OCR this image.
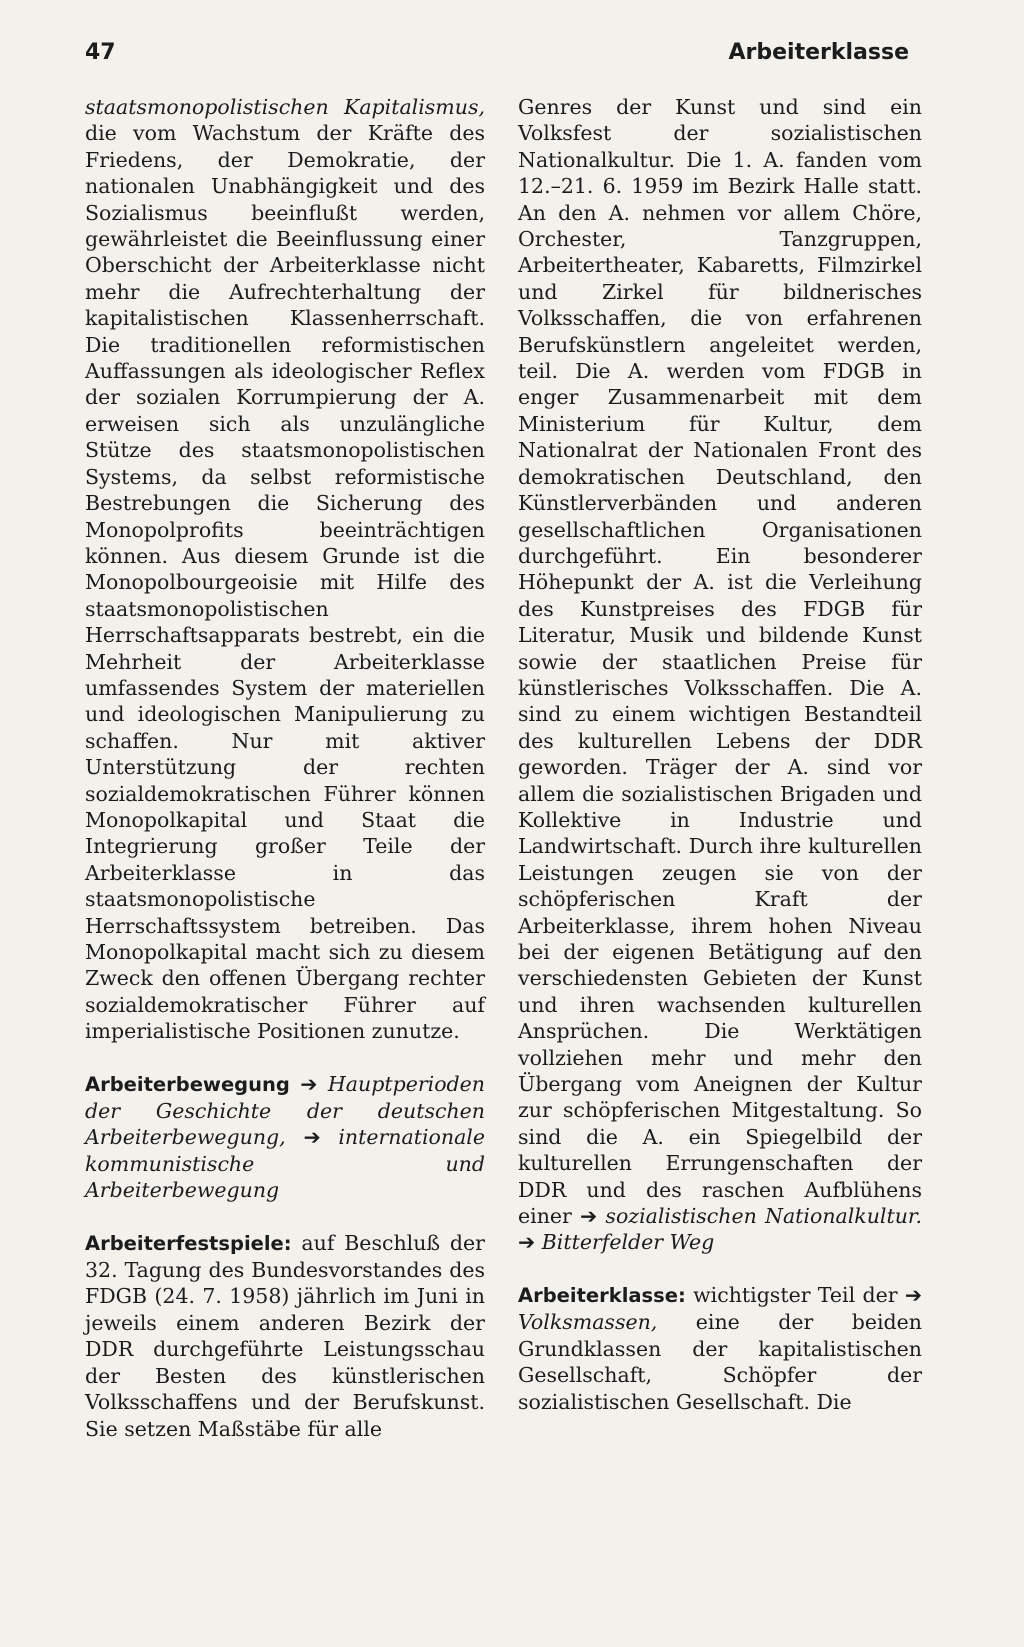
47	Arbeiterklasse

staatsmonopolistischen Kapitalismus, die vom Wachstum der Kräfte des Friedens, der Demokratie, der nationalen Unabhängigkeit und des Sozialismus beeinflußt werden, gewährleistet die Beeinflussung einer Oberschicht der Arbeiterklasse nicht mehr die Aufrechterhaltung der kapitalistischen Klassenherrschaft. Die traditionellen reformistischen Auffassungen als ideologischer Reflex der sozialen Korrumpierung der A. erweisen sich als unzulängliche Stütze des staatsmonopolistischen Systems, da selbst reformistische Bestrebungen die Sicherung des Monopolprofits beeinträchtigen können. Aus diesem Grunde ist die Monopolbourgeoisie mit Hilfe des staatsmonopolistischen Herrschaftsapparats bestrebt, ein die Mehrheit der Arbeiterklasse umfassendes System der materiellen und ideologischen Manipulierung zu schaffen. Nur mit aktiver Unterstützung der rechten sozialdemokratischen Führer können Monopolkapital und Staat die Integrierung großer Teile der Arbeiterklasse in das staatsmonopolistische Herrschaftssystem betreiben. Das Monopolkapital macht sich zu diesem Zweck den offenen Übergang rechter sozialdemokratischer Führer auf imperialistische Positionen zunutze.

Arbeiterbewegung ➔ Hauptperioden der Geschichte der deutschen Arbeiterbewegung, ➔ internationale kommunistische und Arbeiterbewegung

Arbeiterfestspiele: auf Beschluß der 32. Tagung des Bundesvorstandes des FDGB (24. 7. 1958) jährlich im Juni in jeweils einem anderen Bezirk der DDR durchgeführte Leistungsschau der Besten des künstlerischen Volksschaffens und der Berufskunst. Sie setzen Maßstäbe für alle

Genres der Kunst und sind ein Volksfest der sozialistischen Nationalkultur. Die 1. A. fanden vom 12.–21. 6. 1959 im Bezirk Halle statt. An den A. nehmen vor allem Chöre, Orchester, Tanzgruppen, Arbeitertheater, Kabaretts, Filmzirkel und Zirkel für bildnerisches Volksschaffen, die von erfahrenen Berufskünstlern angeleitet werden, teil. Die A. werden vom FDGB in enger Zusammenarbeit mit dem Ministerium für Kultur, dem Nationalrat der Nationalen Front des demokratischen Deutschland, den Künstlerverbänden und anderen gesellschaftlichen Organisationen durchgeführt. Ein besonderer Höhepunkt der A. ist die Verleihung des Kunstpreises des FDGB für Literatur, Musik und bildende Kunst sowie der staatlichen Preise für künstlerisches Volksschaffen. Die A. sind zu einem wichtigen Bestandteil des kulturellen Lebens der DDR geworden. Träger der A. sind vor allem die sozialistischen Brigaden und Kollektive in Industrie und Landwirtschaft. Durch ihre kulturellen Leistungen zeugen sie von der schöpferischen Kraft der Arbeiterklasse, ihrem hohen Niveau bei der eigenen Betätigung auf den verschiedensten Gebieten der Kunst und ihren wachsenden kulturellen Ansprüchen. Die Werktätigen vollziehen mehr und mehr den Übergang vom Aneignen der Kultur zur schöpferischen Mitgestaltung. So sind die A. ein Spiegelbild der kulturellen Errungenschaften der DDR und des raschen Aufblühens einer ➔ sozialistischen Nationalkultur. ➔ Bitterfelder Weg

Arbeiterklasse: wichtigster Teil der ➔ Volksmassen, eine der beiden Grundklassen der kapitalistischen Gesellschaft, Schöpfer der sozialistischen Gesellschaft. Die
